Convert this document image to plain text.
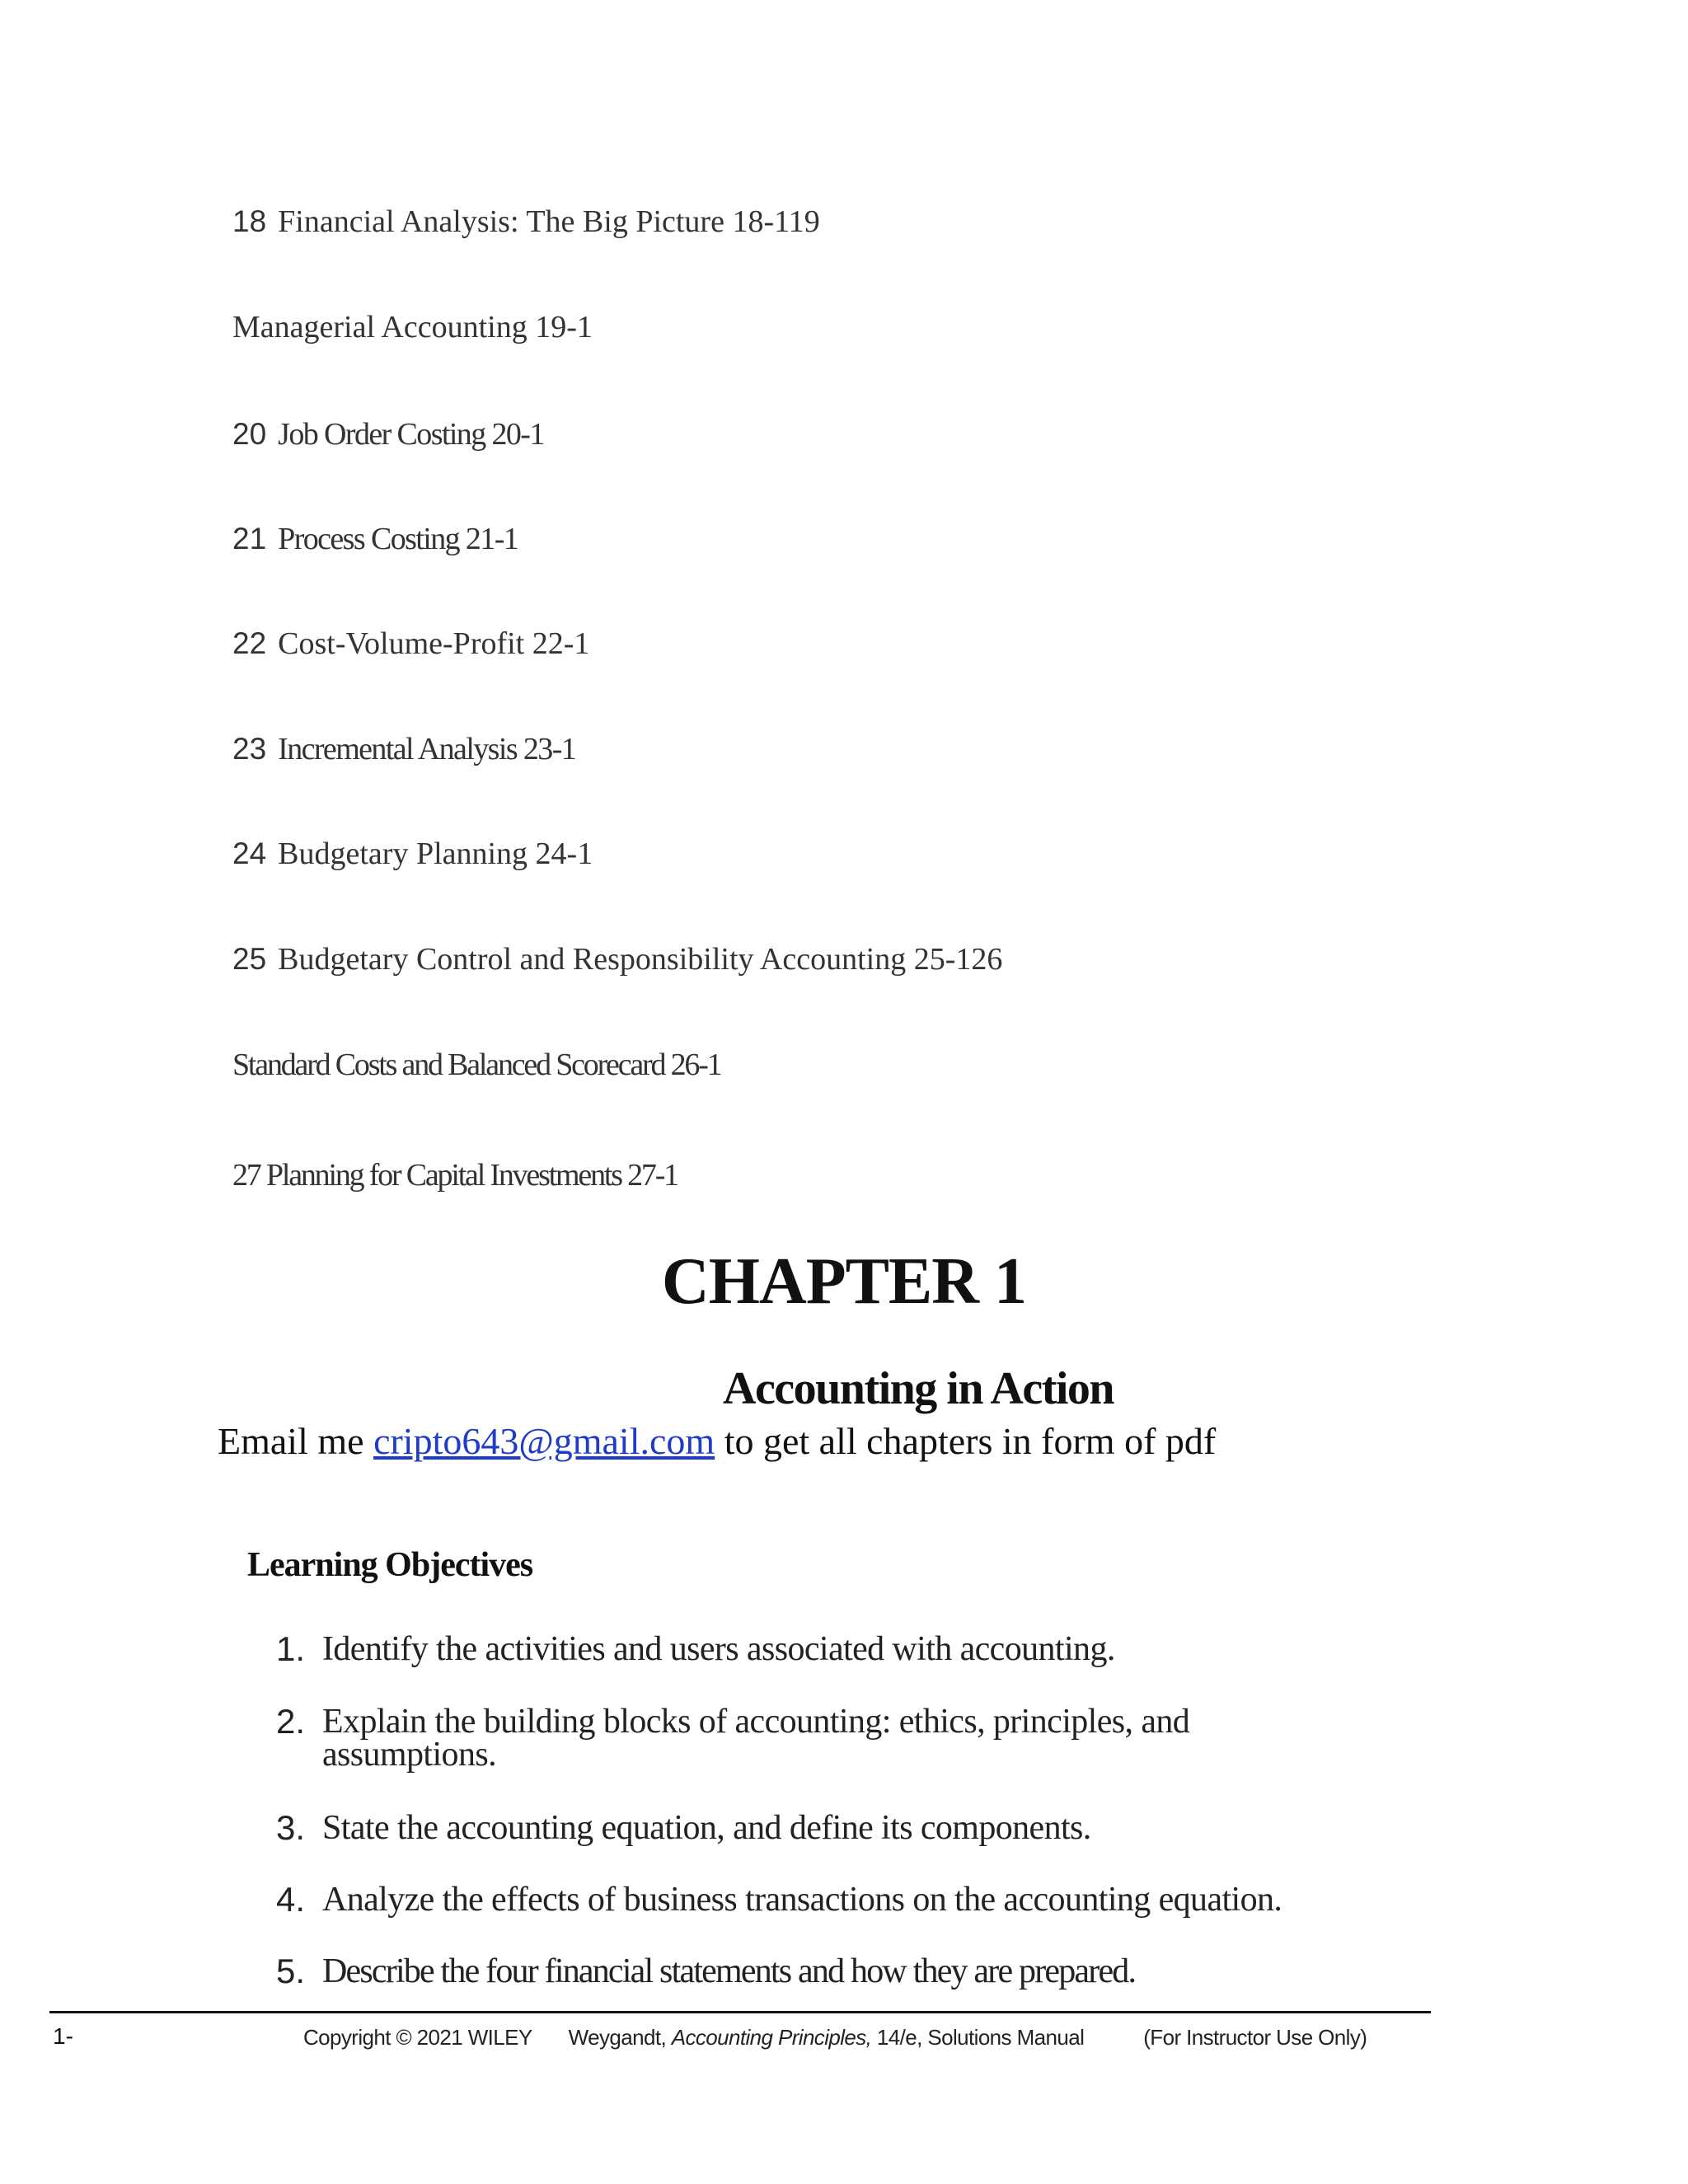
18 Financial Analysis: The Big Picture 18-119
Managerial Accounting 19-1
20 Job Order Costing 20-1
21 Process Costing 21-1
22 Cost-Volume-Profit 22-1
23 Incremental Analysis 23-1
24 Budgetary Planning 24-1
25 Budgetary Control and Responsibility Accounting 25-126
Standard Costs and Balanced Scorecard 26-1
27 Planning for Capital Investments 27-1
CHAPTER 1
Accounting in Action
Email me cripto643@gmail.com to get all chapters in form of pdf
Learning Objectives
1. Identify the activities and users associated with accounting.
2. Explain the building blocks of accounting: ethics, principles, and
assumptions.
3. State the accounting equation, and define its components.
4. Analyze the effects of business transactions on the accounting equation.
5. Describe the four financial statements and how they are prepared.
1-	Copyright © 2021 WILEY Weygandt, Accounting Principles, 14/e, Solutions Manual	(For Instructor Use Only)
